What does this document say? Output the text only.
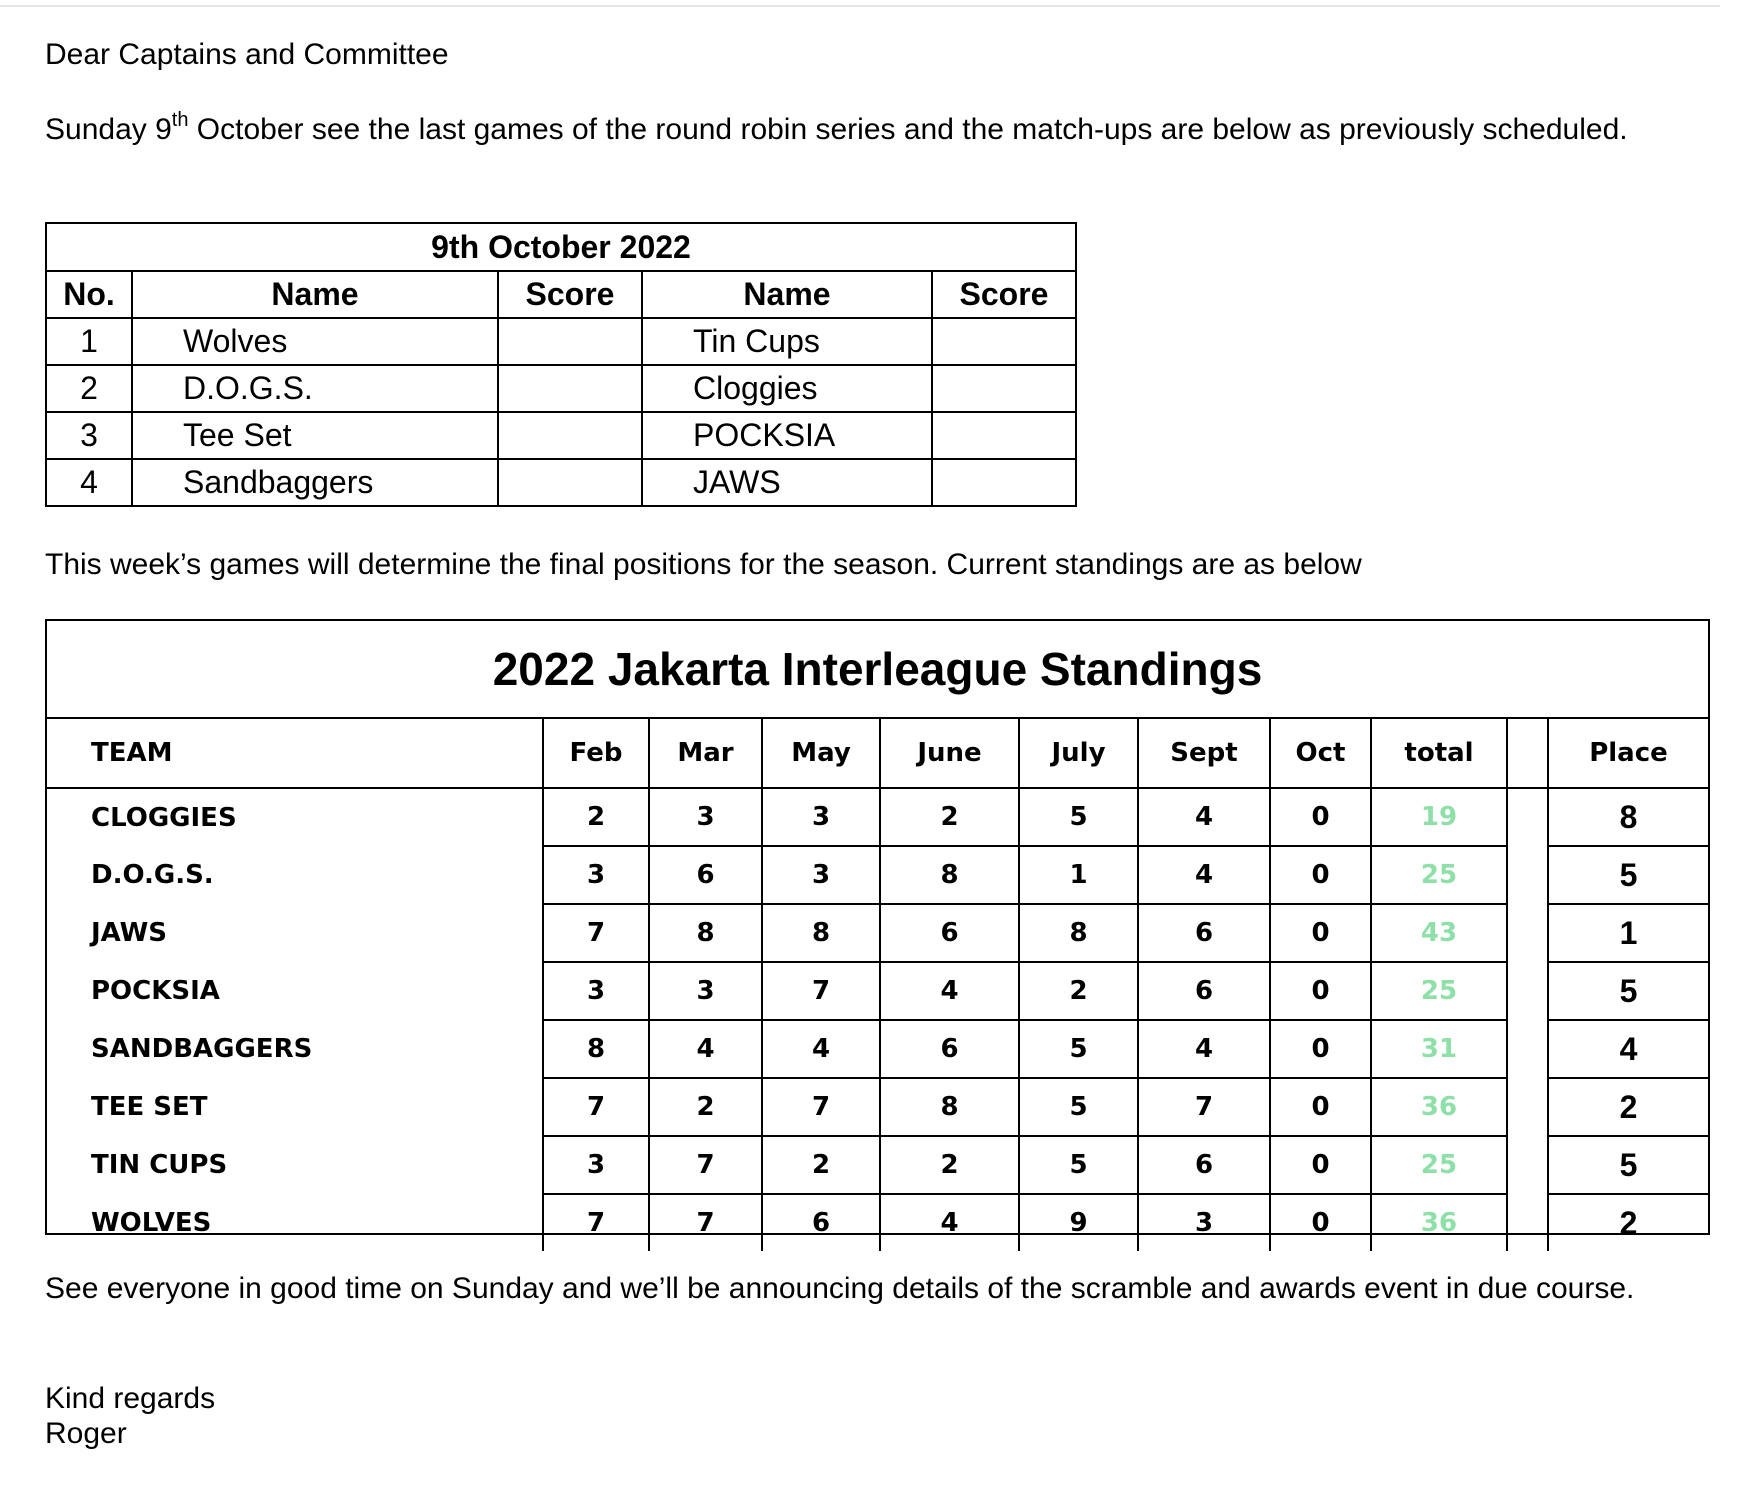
Dear Captains and Committee

Sunday 9th October see the last games of the round robin series and the match-ups are below as previously scheduled.

9th October 2022				
No.	Name	Score	Name	Score
1	Wolves		Tin Cups	
2	D.O.G.S.		Cloggies	
3	Tee Set		POCKSIA	
4	Sandbaggers		JAWS	

This week’s games will determine the final positions for the season. Current standings are as below

2022 Jakarta Interleague Standings
TEAM	Feb	Mar	May	June	July	Sept	Oct	total		Place
CLOGGIES	2	3	3	2	5	4	0	19		8
D.O.G.S.	3	6	3	8	1	4	0	25		5
JAWS	7	8	8	6	8	6	0	43		1
POCKSIA	3	3	7	4	2	6	0	25		5
SANDBAGGERS	8	4	4	6	5	4	0	31		4
TEE SET	7	2	7	8	5	7	0	36		2
TIN CUPS	3	7	2	2	5	6	0	25		5
WOLVES	7	7	6	4	9	3	0	36		2

See everyone in good time on Sunday and we’ll be announcing details of the scramble and awards event in due course.

Kind regards
Roger
